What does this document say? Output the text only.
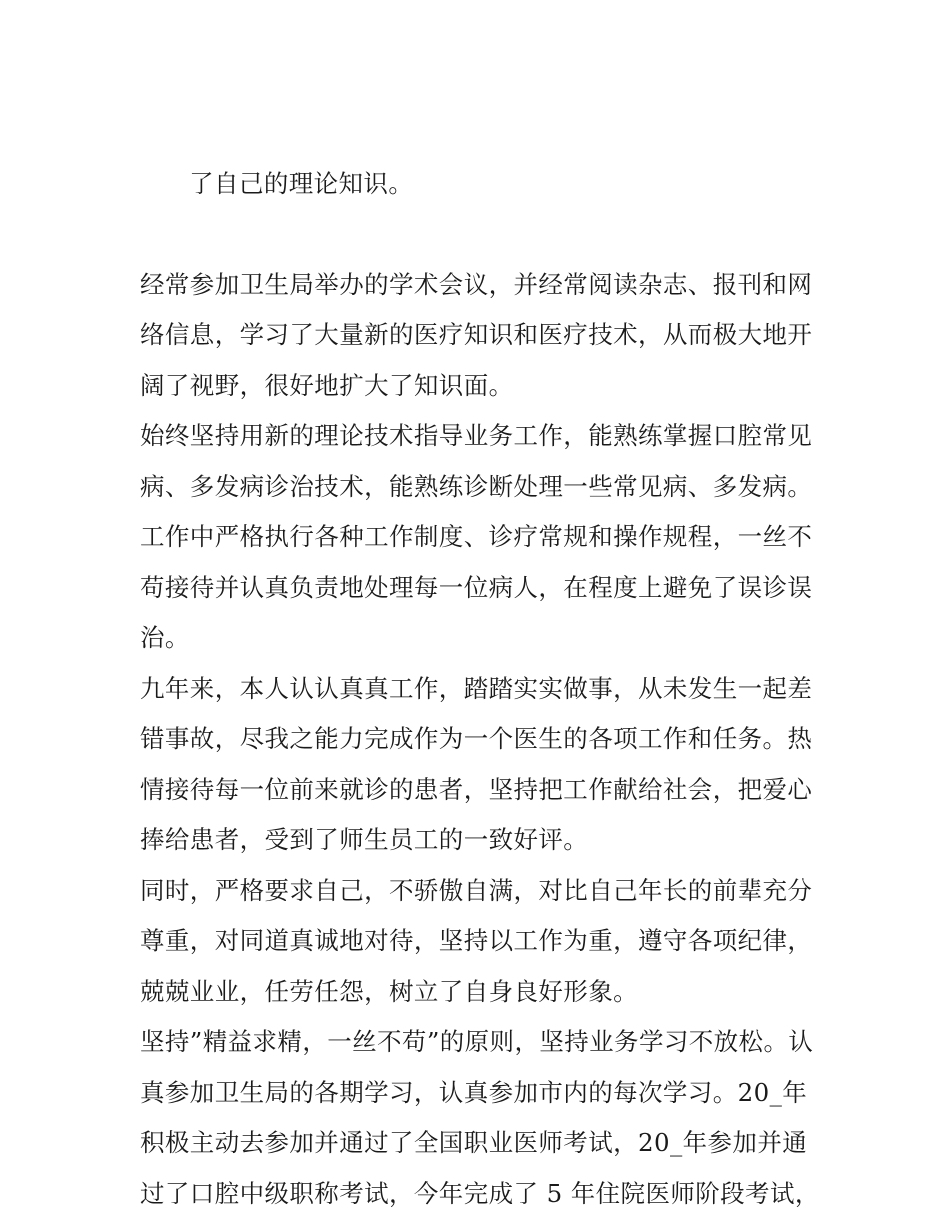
了自己的理论知识。

经常参加卫生局举办的学术会议，并经常阅读杂志、报刊和网
络信息，学习了大量新的医疗知识和医疗技术，从而极大地开
阔了视野，很好地扩大了知识面。

始终坚持用新的理论技术指导业务工作，能熟练掌握口腔常见
病、多发病诊治技术，能熟练诊断处理一些常见病、多发病。

工作中严格执行各种工作制度、诊疗常规和操作规程，一丝不
苟接待并认真负责地处理每一位病人，在程度上避免了误诊误
治。

九年来，本人认认真真工作，踏踏实实做事，从未发生一起差
错事故，尽我之能力完成作为一个医生的各项工作和任务。热
情接待每一位前来就诊的患者，坚持把工作献给社会，把爱心
捧给患者，受到了师生员工的一致好评。

同时，严格要求自己，不骄傲自满，对比自己年长的前辈充分
尊重，对同道真诚地对待，坚持以工作为重，遵守各项纪律，
兢兢业业，任劳任怨，树立了自身良好形象。

坚持”精益求精，一丝不苟”的原则，坚持业务学习不放松。认
真参加卫生局的各期学习，认真参加市内的每次学习。20_年
积极主动去参加并通过了全国职业医师考试，20_年参加并通
过了口腔中级职称考试，今年完成了 5 年住院医师阶段考试，
